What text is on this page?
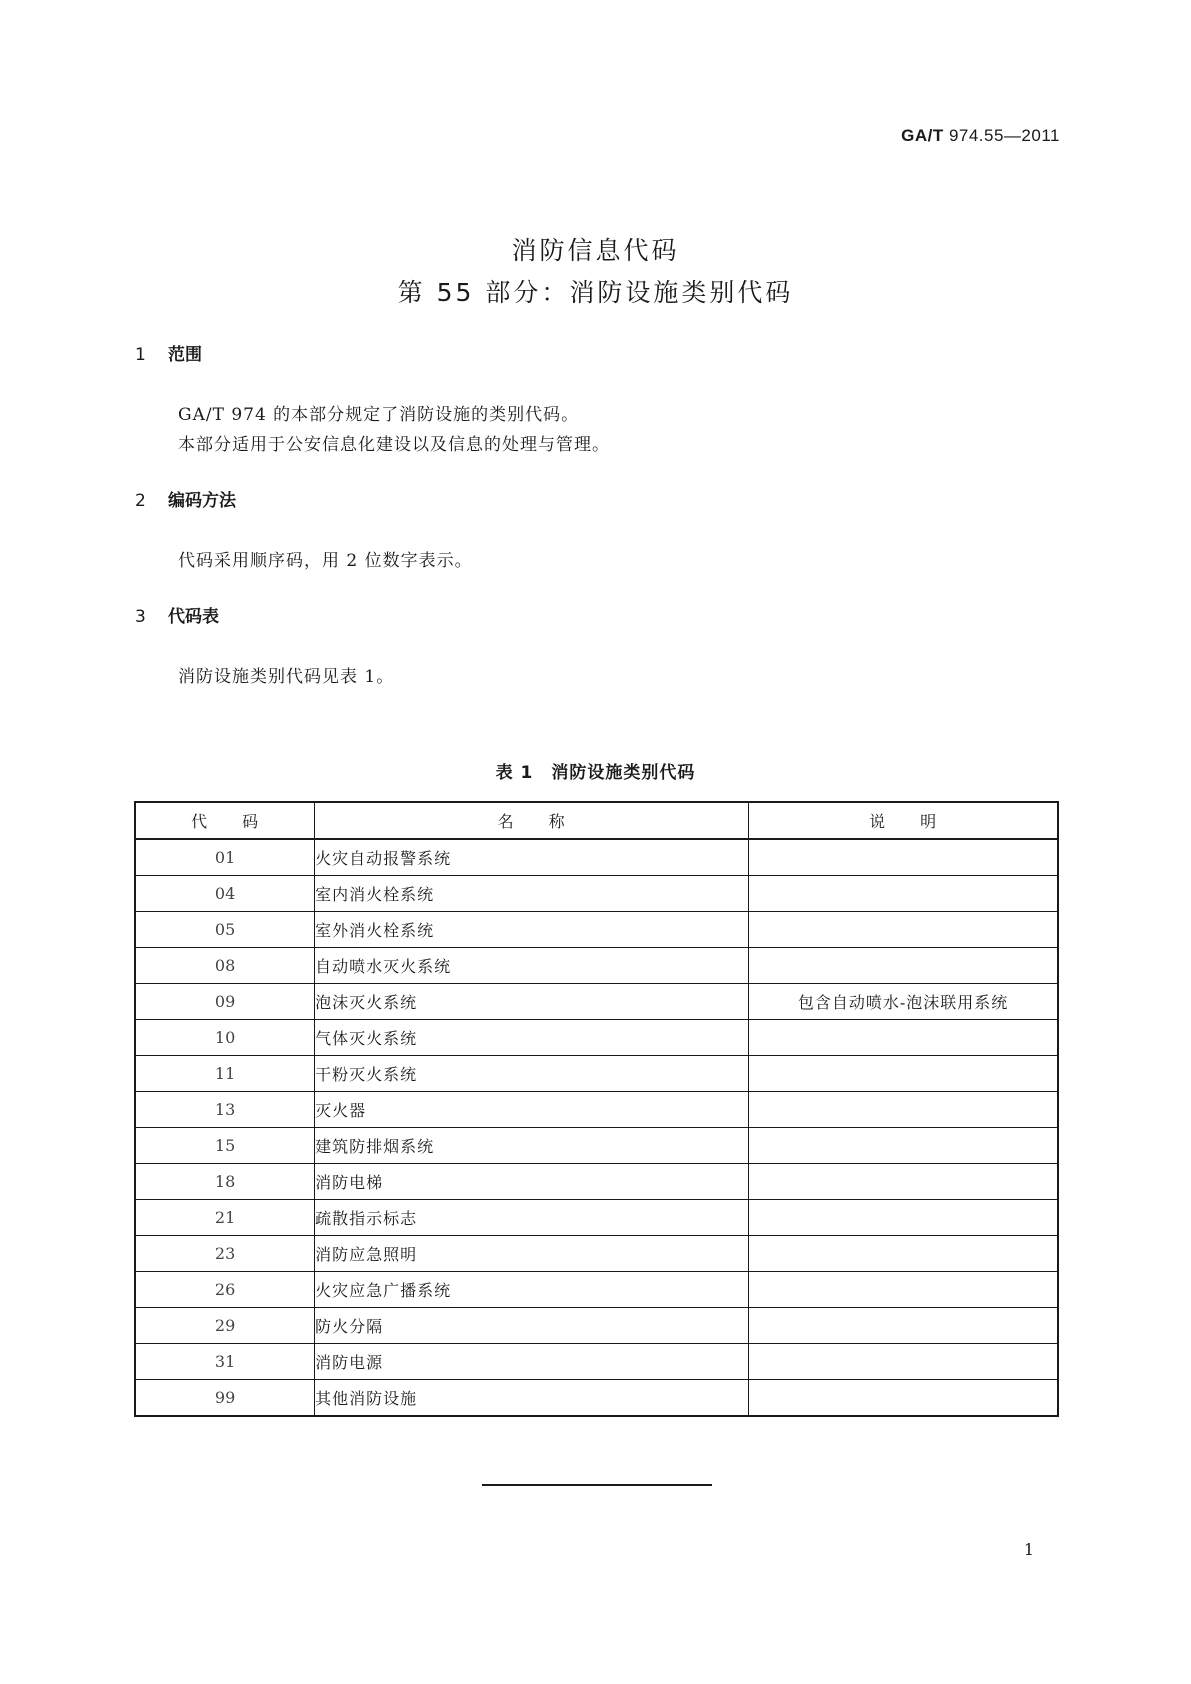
GA/T 974.55—2011
消防信息代码
第 55 部分：消防设施类别代码
1 范围
GA/T 974 的本部分规定了消防设施的类别代码。
本部分适用于公安信息化建设以及信息的处理与管理。
2 编码方法
代码采用顺序码，用 2 位数字表示。
3 代码表
消防设施类别代码见表 1。
表 1　消防设施类别代码
代　　码	名　　称	说　　明
01	火灾自动报警系统	
04	室内消火栓系统	
05	室外消火栓系统	
08	自动喷水灭火系统	
09	泡沫灭火系统	包含自动喷水-泡沫联用系统
10	气体灭火系统	
11	干粉灭火系统	
13	灭火器	
15	建筑防排烟系统	
18	消防电梯	
21	疏散指示标志	
23	消防应急照明	
26	火灾应急广播系统	
29	防火分隔	
31	消防电源	
99	其他消防设施	
1
